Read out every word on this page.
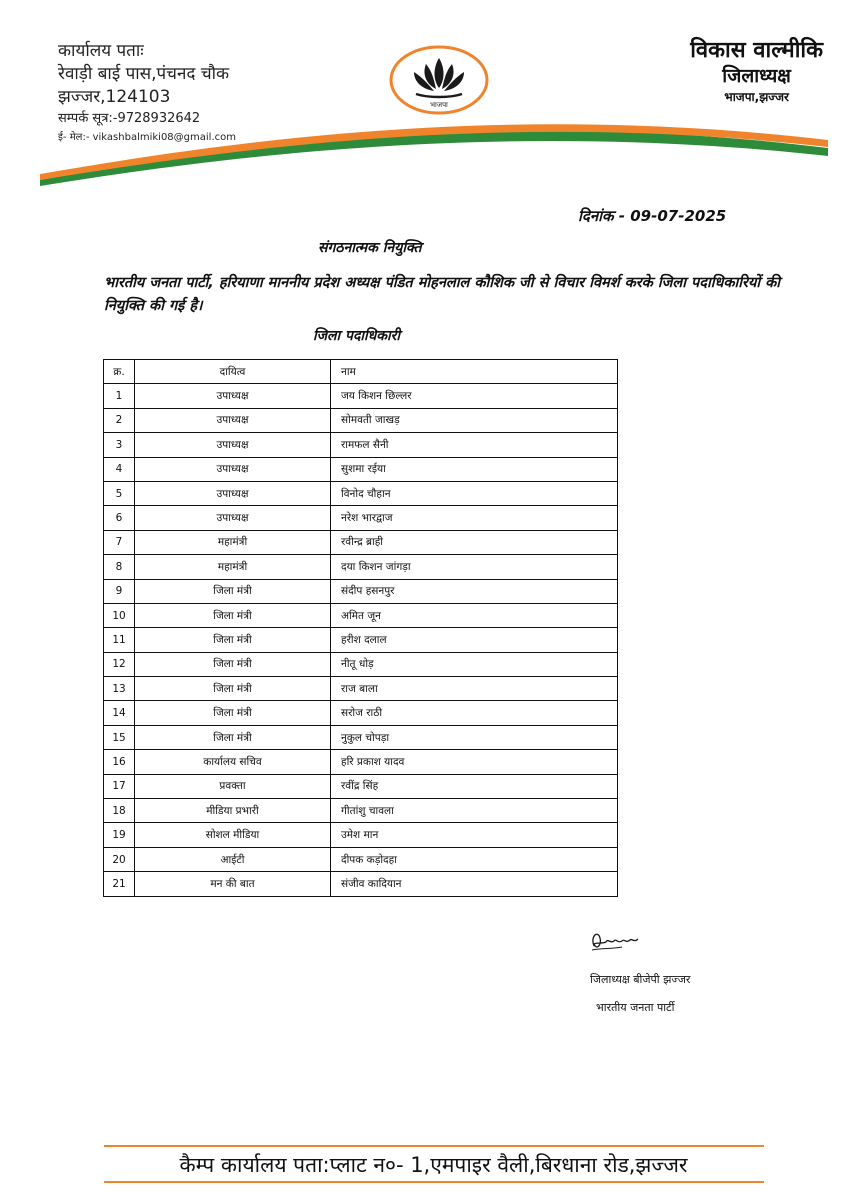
कार्यालय पताः
रेवाड़ी बाई पास,पंचनद चौक
झज्जर,124103
सम्पर्क सूत्र:-9728932642
ई- मेल:- vikashbalmiki08@gmail.com
भाजपा
विकास वाल्मीकि
जिलाध्यक्ष
भाजपा,झज्जर
दिनांक - 09-07-2025
संगठनात्मक नियुक्ति
भारतीय जनता पार्टी, हरियाणा माननीय प्रदेश अध्यक्ष पंडित मोहनलाल कौशिक जी से विचार विमर्श करके जिला पदाधिकारियों की नियुक्ति की गई है।
जिला पदाधिकारी
क्र.	दायित्व	नाम
1	उपाध्यक्ष	जय किशन छिल्लर
2	उपाध्यक्ष	सोमवती जाखड़
3	उपाध्यक्ष	रामफल सैनी
4	उपाध्यक्ष	सुशमा रईया
5	उपाध्यक्ष	विनोद चौहान
6	उपाध्यक्ष	नरेश भारद्वाज
7	महामंत्री	रवीन्द्र ब्राही
8	महामंत्री	दया किशन जांगड़ा
9	जिला मंत्री	संदीप हसनपुर
10	जिला मंत्री	अमित जून
11	जिला मंत्री	हरीश दलाल
12	जिला मंत्री	नीतू धोड़
13	जिला मंत्री	राज बाला
14	जिला मंत्री	सरोज राठी
15	जिला मंत्री	नुकुल चोपड़ा
16	कार्यालय सचिव	हरि प्रकाश यादव
17	प्रवक्ता	रवींद्र सिंह
18	मीडिया प्रभारी	गीतांशु चावला
19	सोशल मीडिया	उमेश मान
20	आईटी	दीपक कड़ोदहा
21	मन की बात	संजीव कादियान
जिलाध्यक्ष बीजेपी झज्जर
भारतीय जनता पार्टी
कैम्प कार्यालय पता:प्लाट न०- 1,एमपाइर वैली,बिरधाना रोड,झज्जर
